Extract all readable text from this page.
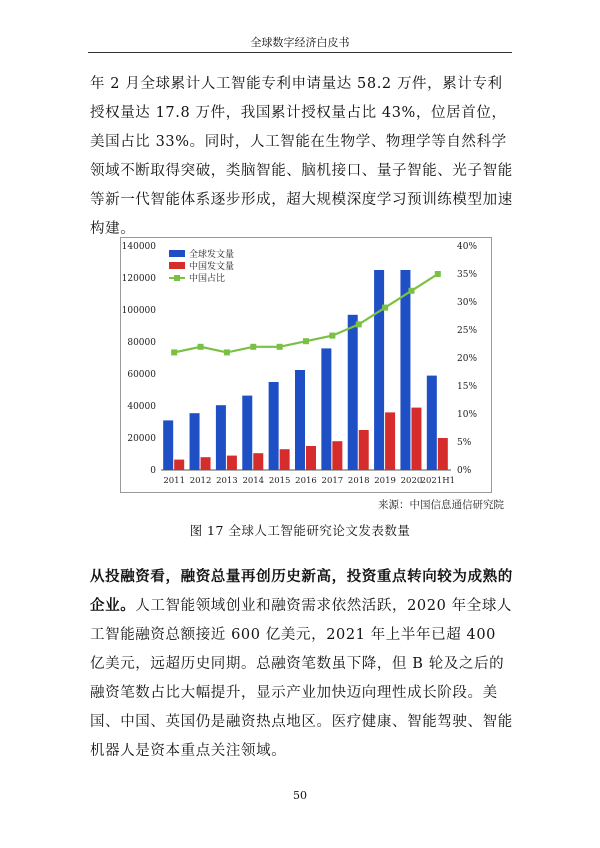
全球数字经济白皮书

年 2 月全球累计人工智能专利申请量达 58.2 万件，累计专利授权量达 17.8 万件，我国累计授权量占比 43%，位居首位，美国占比 33%。同时，人工智能在生物学、物理学等自然科学领域不断取得突破，类脑智能、脑机接口、量子智能、光子智能等新一代智能体系逐步形成，超大规模深度学习预训练模型加速构建。

0
20000
40000
60000
80000
100000
120000
140000
0%
5%
10%
15%
20%
25%
30%
35%
40%
2011 2012 2013 2014 2015 2016 2017 2018 2019 2020
2021H1
全球发文量
中国发文量
中国占比
来源：中国信息通信研究院
图 17 全球人工智能研究论文发表数量

从投融资看，融资总量再创历史新高，投资重点转向较为成熟的企业。人工智能领域创业和融资需求依然活跃，2020 年全球人工智能融资总额接近 600 亿美元，2021 年上半年已超 400 亿美元，远超历史同期。总融资笔数虽下降，但 B 轮及之后的融资笔数占比大幅提升，显示产业加快迈向理性成长阶段。美国、中国、英国仍是融资热点地区。医疗健康、智能驾驶、智能机器人是资本重点关注领域。

50
